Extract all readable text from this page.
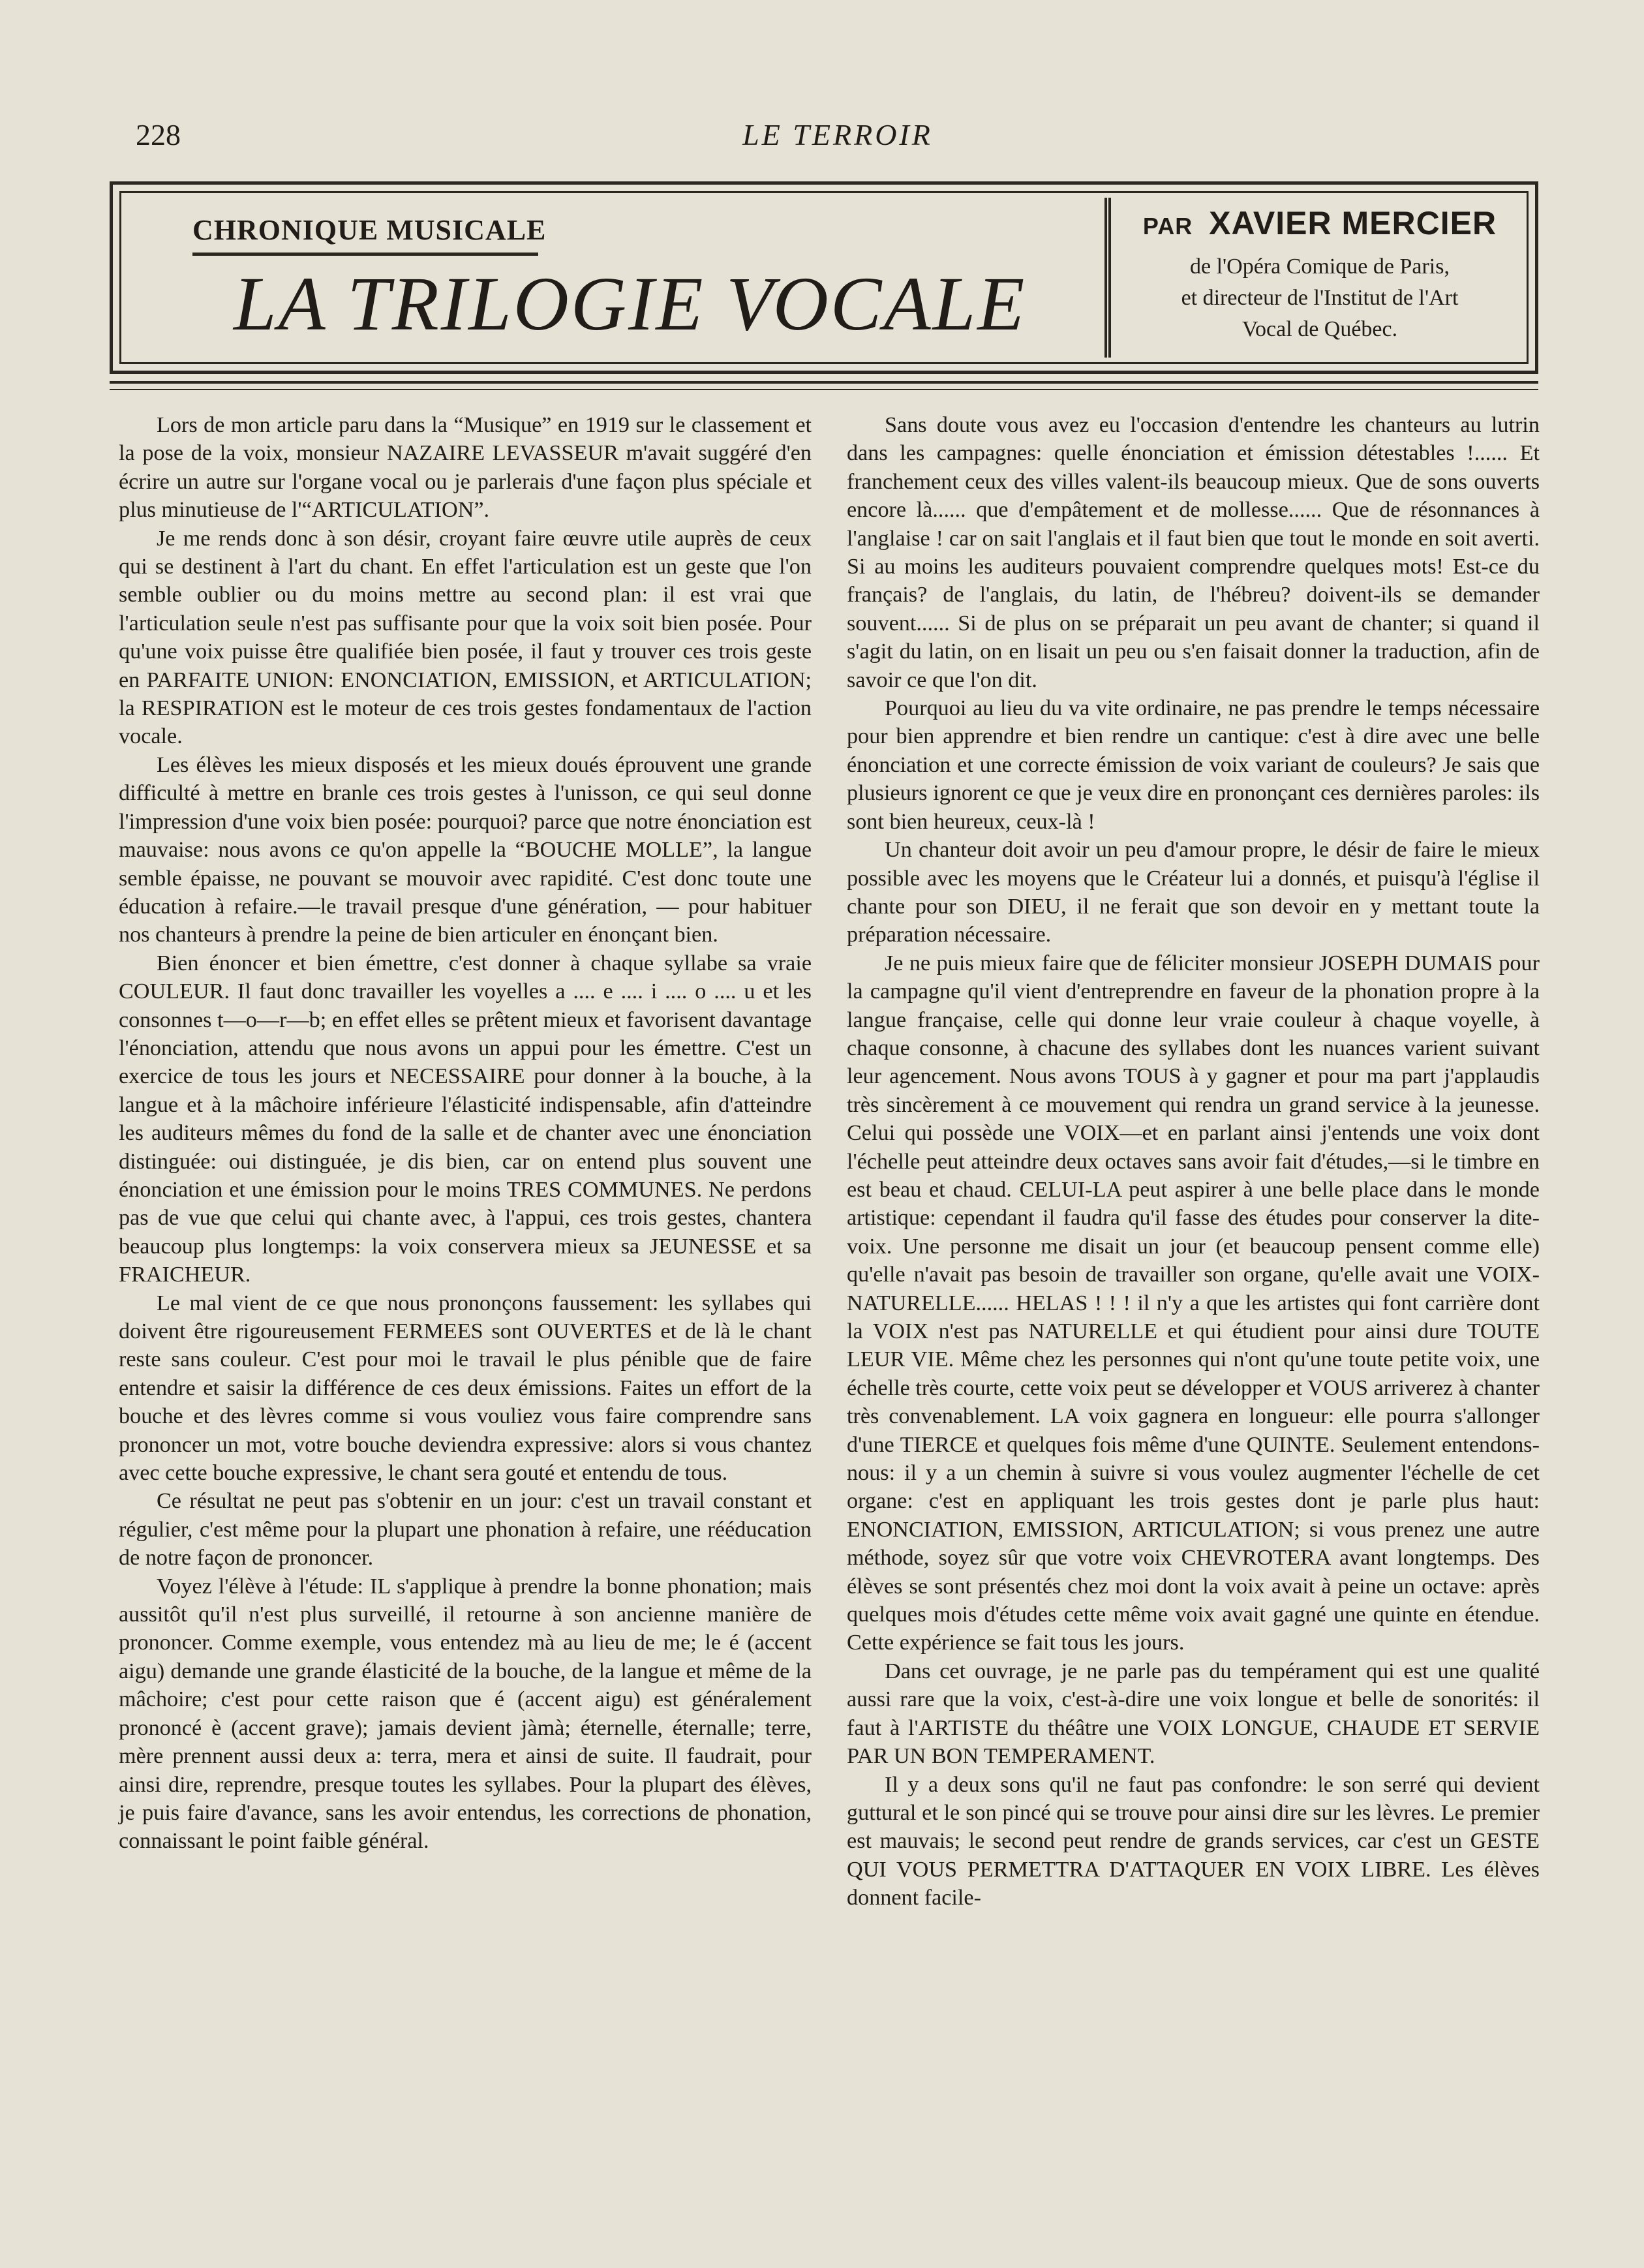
228	LE TERROIR
CHRONIQUE MUSICALE
LA TRILOGIE VOCALE
PAR XAVIER MERCIER
de l'Opéra Comique de Paris,
et directeur de l'Institut de l'Art
Vocal de Québec.

Lors de mon article paru dans la “Musique” en 1919 sur le classement et la pose de la voix, monsieur NAZAIRE LEVASSEUR m'avait suggéré d'en écrire un autre sur l'organe vocal ou je parlerais d'une façon plus spéciale et plus minutieuse de l'“ARTICULATION”.

Je me rends donc à son désir, croyant faire œuvre utile auprès de ceux qui se destinent à l'art du chant. En effet l'articulation est un geste que l'on semble oublier ou du moins mettre au second plan: il est vrai que l'articulation seule n'est pas suffisante pour que la voix soit bien posée. Pour qu'une voix puisse être qualifiée bien posée, il faut y trouver ces trois geste en PARFAITE UNION: ENONCIATION, EMISSION, et ARTICULATION; la RESPIRATION est le moteur de ces trois gestes fondamentaux de l'action vocale.

Les élèves les mieux disposés et les mieux doués éprouvent une grande difficulté à mettre en branle ces trois gestes à l'unisson, ce qui seul donne l'impression d'une voix bien posée: pourquoi? parce que notre énonciation est mauvaise: nous avons ce qu'on appelle la “BOUCHE MOLLE”, la langue semble épaisse, ne pouvant se mouvoir avec rapidité. C'est donc toute une éducation à refaire.—le travail presque d'une génération, — pour habituer nos chanteurs à prendre la peine de bien articuler en énonçant bien.

Bien énoncer et bien émettre, c'est donner à chaque syllabe sa vraie COULEUR. Il faut donc travailler les voyelles a .... e .... i .... o .... u et les consonnes t—o—r—b; en effet elles se prêtent mieux et favorisent davantage l'énonciation, attendu que nous avons un appui pour les émettre. C'est un exercice de tous les jours et NECESSAIRE pour donner à la bouche, à la langue et à la mâchoire inférieure l'élasticité indispensable, afin d'atteindre les auditeurs mêmes du fond de la salle et de chanter avec une énonciation distinguée: oui distinguée, je dis bien, car on entend plus souvent une énonciation et une émission pour le moins TRES COMMUNES. Ne perdons pas de vue que celui qui chante avec, à l'appui, ces trois gestes, chantera beaucoup plus longtemps: la voix conservera mieux sa JEUNESSE et sa FRAICHEUR.

Le mal vient de ce que nous prononçons faussement: les syllabes qui doivent être rigoureusement FERMEES sont OUVERTES et de là le chant reste sans couleur. C'est pour moi le travail le plus pénible que de faire entendre et saisir la différence de ces deux émissions. Faites un effort de la bouche et des lèvres comme si vous vouliez vous faire comprendre sans prononcer un mot, votre bouche deviendra expressive: alors si vous chantez avec cette bouche expressive, le chant sera gouté et entendu de tous.

Ce résultat ne peut pas s'obtenir en un jour: c'est un travail constant et régulier, c'est même pour la plupart une phonation à refaire, une rééducation de notre façon de prononcer.

Voyez l'élève à l'étude: IL s'applique à prendre la bonne phonation; mais aussitôt qu'il n'est plus surveillé, il retourne à son ancienne manière de prononcer. Comme exemple, vous entendez mà au lieu de me; le é (accent aigu) demande une grande élasticité de la bouche, de la langue et même de la mâchoire; c'est pour cette raison que é (accent aigu) est généralement prononcé è (accent grave); jamais devient jàmà; éternelle, éternalle; terre, mère prennent aussi deux a: terra, mera et ainsi de suite. Il faudrait, pour ainsi dire, reprendre, presque toutes les syllabes. Pour la plupart des élèves, je puis faire d'avance, sans les avoir entendus, les corrections de phonation, connaissant le point faible général.

Sans doute vous avez eu l'occasion d'entendre les chanteurs au lutrin dans les campagnes: quelle énonciation et émission détestables !...... Et franchement ceux des villes valent-ils beaucoup mieux. Que de sons ouverts encore là...... que d'empâtement et de mollesse...... Que de résonnances à l'anglaise ! car on sait l'anglais et il faut bien que tout le monde en soit averti. Si au moins les auditeurs pouvaient comprendre quelques mots! Est-ce du français? de l'anglais, du latin, de l'hébreu? doivent-ils se demander souvent...... Si de plus on se préparait un peu avant de chanter; si quand il s'agit du latin, on en lisait un peu ou s'en faisait donner la traduction, afin de savoir ce que l'on dit.

Pourquoi au lieu du va vite ordinaire, ne pas prendre le temps nécessaire pour bien apprendre et bien rendre un cantique: c'est à dire avec une belle énonciation et une correcte émission de voix variant de couleurs? Je sais que plusieurs ignorent ce que je veux dire en prononçant ces dernières paroles: ils sont bien heureux, ceux-là !

Un chanteur doit avoir un peu d'amour propre, le désir de faire le mieux possible avec les moyens que le Créateur lui a donnés, et puisqu'à l'église il chante pour son DIEU, il ne ferait que son devoir en y mettant toute la préparation nécessaire.

Je ne puis mieux faire que de féliciter monsieur JOSEPH DUMAIS pour la campagne qu'il vient d'entreprendre en faveur de la phonation propre à la langue française, celle qui donne leur vraie couleur à chaque voyelle, à chaque consonne, à chacune des syllabes dont les nuances varient suivant leur agencement. Nous avons TOUS à y gagner et pour ma part j'applaudis très sincèrement à ce mouvement qui rendra un grand service à la jeunesse. Celui qui possède une VOIX—et en parlant ainsi j'entends une voix dont l'échelle peut atteindre deux octaves sans avoir fait d'études,—si le timbre en est beau et chaud. CELUI-LA peut aspirer à une belle place dans le monde artistique: cependant il faudra qu'il fasse des études pour conserver la dite-voix. Une personne me disait un jour (et beaucoup pensent comme elle) qu'elle n'avait pas besoin de travailler son organe, qu'elle avait une VOIX-NATURELLE...... HELAS ! ! ! il n'y a que les artistes qui font carrière dont la VOIX n'est pas NATURELLE et qui étudient pour ainsi dure TOUTE LEUR VIE. Même chez les personnes qui n'ont qu'une toute petite voix, une échelle très courte, cette voix peut se développer et VOUS arriverez à chanter très convenablement. LA voix gagnera en longueur: elle pourra s'allonger d'une TIERCE et quelques fois même d'une QUINTE. Seulement entendons-nous: il y a un chemin à suivre si vous voulez augmenter l'échelle de cet organe: c'est en appliquant les trois gestes dont je parle plus haut: ENONCIATION, EMISSION, ARTICULATION; si vous prenez une autre méthode, soyez sûr que votre voix CHEVROTERA avant longtemps. Des élèves se sont présentés chez moi dont la voix avait à peine un octave: après quelques mois d'études cette même voix avait gagné une quinte en étendue. Cette expérience se fait tous les jours.

Dans cet ouvrage, je ne parle pas du tempérament qui est une qualité aussi rare que la voix, c'est-à-dire une voix longue et belle de sonorités: il faut à l'ARTISTE du théâtre une VOIX LONGUE, CHAUDE ET SERVIE PAR UN BON TEMPERAMENT.

Il y a deux sons qu'il ne faut pas confondre: le son serré qui devient guttural et le son pincé qui se trouve pour ainsi dire sur les lèvres. Le premier est mauvais; le second peut rendre de grands services, car c'est un GESTE QUI VOUS PERMETTRA D'ATTAQUER EN VOIX LIBRE. Les élèves donnent facile-
